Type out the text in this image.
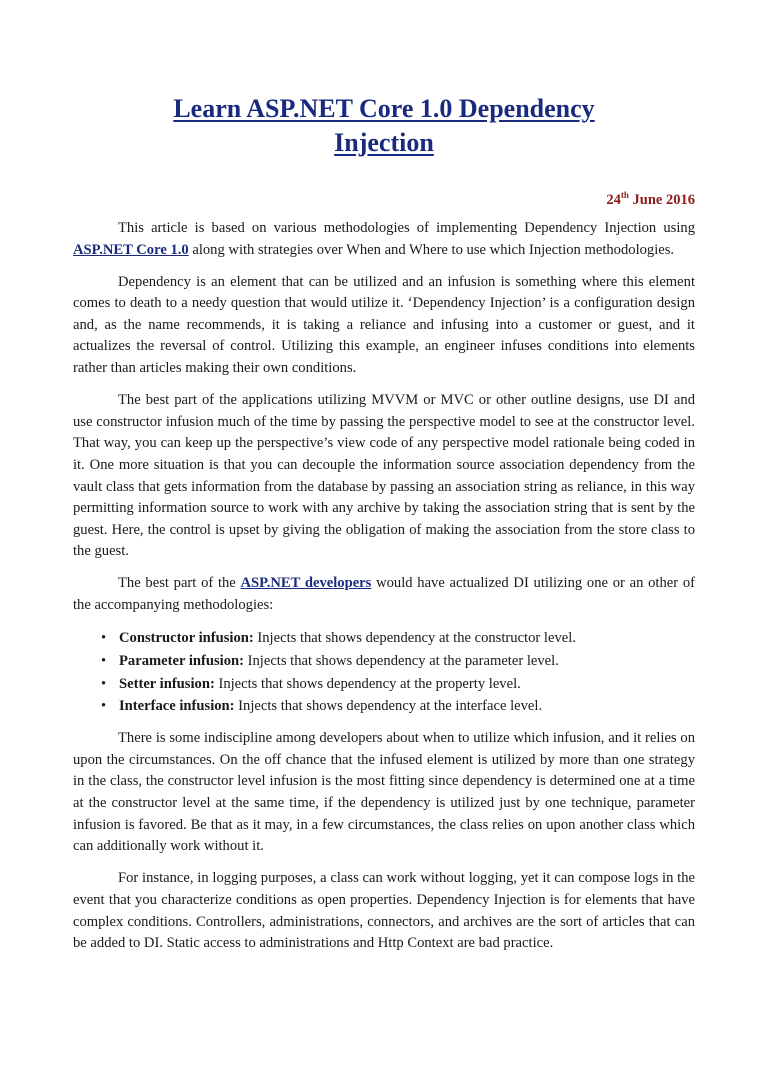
Learn ASP.NET Core 1.0 Dependency
Injection
24th June 2016

This article is based on various methodologies of implementing Dependency Injection using ASP.NET Core 1.0 along with strategies over When and Where to use which Injection methodologies.

Dependency is an element that can be utilized and an infusion is something where this element comes to death to a needy question that would utilize it. ‘Dependency Injection’ is a configuration design and, as the name recommends, it is taking a reliance and infusing into a customer or guest, and it actualizes the reversal of control. Utilizing this example, an engineer infuses conditions into elements rather than articles making their own conditions.

The best part of the applications utilizing MVVM or MVC or other outline designs, use DI and use constructor infusion much of the time by passing the perspective model to see at the constructor level. That way, you can keep up the perspective’s view code of any perspective model rationale being coded in it. One more situation is that you can decouple the information source association dependency from the vault class that gets information from the database by passing an association string as reliance, in this way permitting information source to work with any archive by taking the association string that is sent by the guest. Here, the control is upset by giving the obligation of making the association from the store class to the guest.

The best part of the ASP.NET developers would have actualized DI utilizing one or an other of the accompanying methodologies:

• Constructor infusion: Injects that shows dependency at the constructor level.
• Parameter infusion: Injects that shows dependency at the parameter level.
• Setter infusion: Injects that shows dependency at the property level.
• Interface infusion: Injects that shows dependency at the interface level.

There is some indiscipline among developers about when to utilize which infusion, and it relies on upon the circumstances. On the off chance that the infused element is utilized by more than one strategy in the class, the constructor level infusion is the most fitting since dependency is determined one at a time at the constructor level at the same time, if the dependency is utilized just by one technique, parameter infusion is favored. Be that as it may, in a few circumstances, the class relies on upon another class which can additionally work without it.

For instance, in logging purposes, a class can work without logging, yet it can compose logs in the event that you characterize conditions as open properties. Dependency Injection is for elements that have complex conditions. Controllers, administrations, connectors, and archives are the sort of articles that can be added to DI. Static access to administrations and Http Context are bad practice.
